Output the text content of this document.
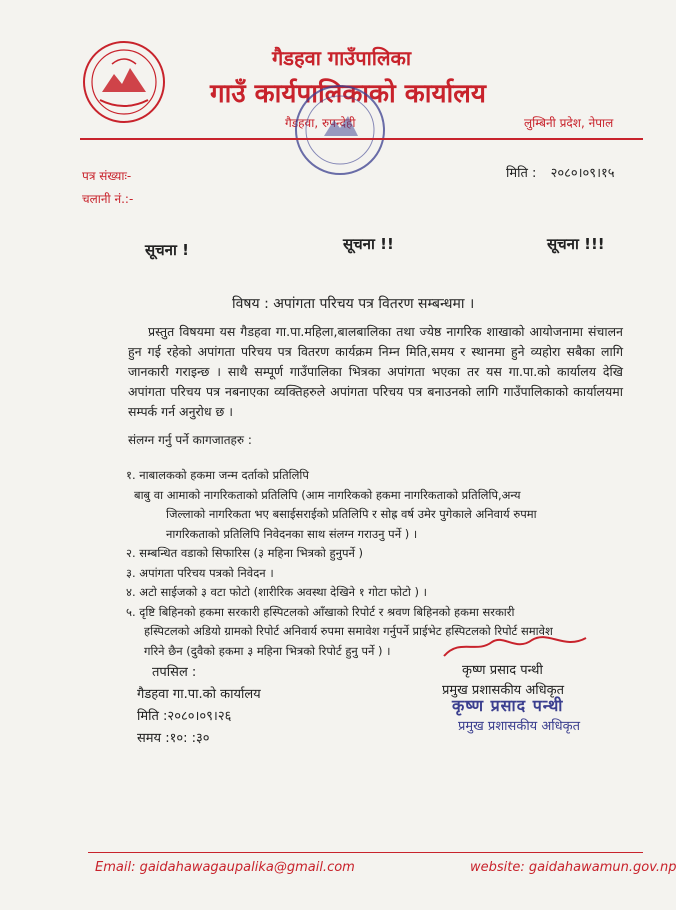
गैडहवा गाउँपालिका
गाउँ कार्यपालिकाको कार्यालय
गैडहवा, रुपन्देही	लुम्बिनी प्रदेश, नेपाल
पत्र संख्याः-
चलानी नं.:-
मिति : २०८०।०९।१५
सूचना !	सूचना !!	सूचना !!!
विषय : अपांगता परिचय पत्र वितरण सम्बन्धमा ।
प्रस्तुत विषयमा यस गैडहवा गा.पा.महिला,बालबालिका तथा ज्येष्ठ नागरिक शाखाको आयोजनामा संचालन हुन गई रहेको अपांगता परिचय पत्र वितरण कार्यक्रम निम्न मिति,समय र स्थानमा हुने व्यहोरा सबैका लागि जानकारी गराइन्छ । साथै सम्पूर्ण गाउँपालिका भित्रका अपांगता भएका तर यस गा.पा.को कार्यालय देखि अपांगता परिचय पत्र नबनाएका व्यक्तिहरुले अपांगता परिचय पत्र बनाउनको लागि गाउँपालिकाको कार्यालयमा सम्पर्क गर्न अनुरोध छ ।
संलग्न गर्नु पर्ने कागजातहरु :
१. नाबालकको हकमा जन्म दर्ताको प्रतिलिपि
बाबु वा आमाको नागरिकताको प्रतिलिपि (आम नागरिकको हकमा नागरिकताको प्रतिलिपि,अन्य
जिल्लाको नागरिकता भए बसाईसराईको प्रतिलिपि र सोह्र वर्ष उमेर पुगेकाले अनिवार्य रुपमा
नागरिकताको प्रतिलिपि निवेदनका साथ संलग्न गराउनु पर्ने ) ।
२. सम्बन्धित वडाको सिफारिस (३ महिना भित्रको हुनुपर्ने )
३. अपांगता परिचय पत्रको निवेदन ।
४. अटो साईजको ३ वटा फोटो (शारीरिक अवस्था देखिने १ गोटा फोटो ) ।
५. दृष्टि बिहिनको हकमा सरकारी हस्पिटलको आँखाको रिपोर्ट र श्रवण बिहिनको हकमा सरकारी
हस्पिटलको अडियो ग्रामको रिपोर्ट अनिवार्य रुपमा समावेश गर्नुपर्ने प्राईभेट हस्पिटलको रिपोर्ट समावेश
गरिने छैन (दुवैको हकमा ३ महिना भित्रको रिपोर्ट हुनु पर्ने ) ।
कृष्ण प्रसाद पन्थी
प्रमुख प्रशासकीय अधिकृत
कृष्ण प्रसाद पन्थी
प्रमुख प्रशासकीय अधिकृत
तपसिल :
गैडहवा गा.पा.को कार्यालय
मिति :२०८०।०९।२६
समय :१०: :३०
Email: gaidahawagaupalika@gmail.com	website: gaidahawamun.gov.np
